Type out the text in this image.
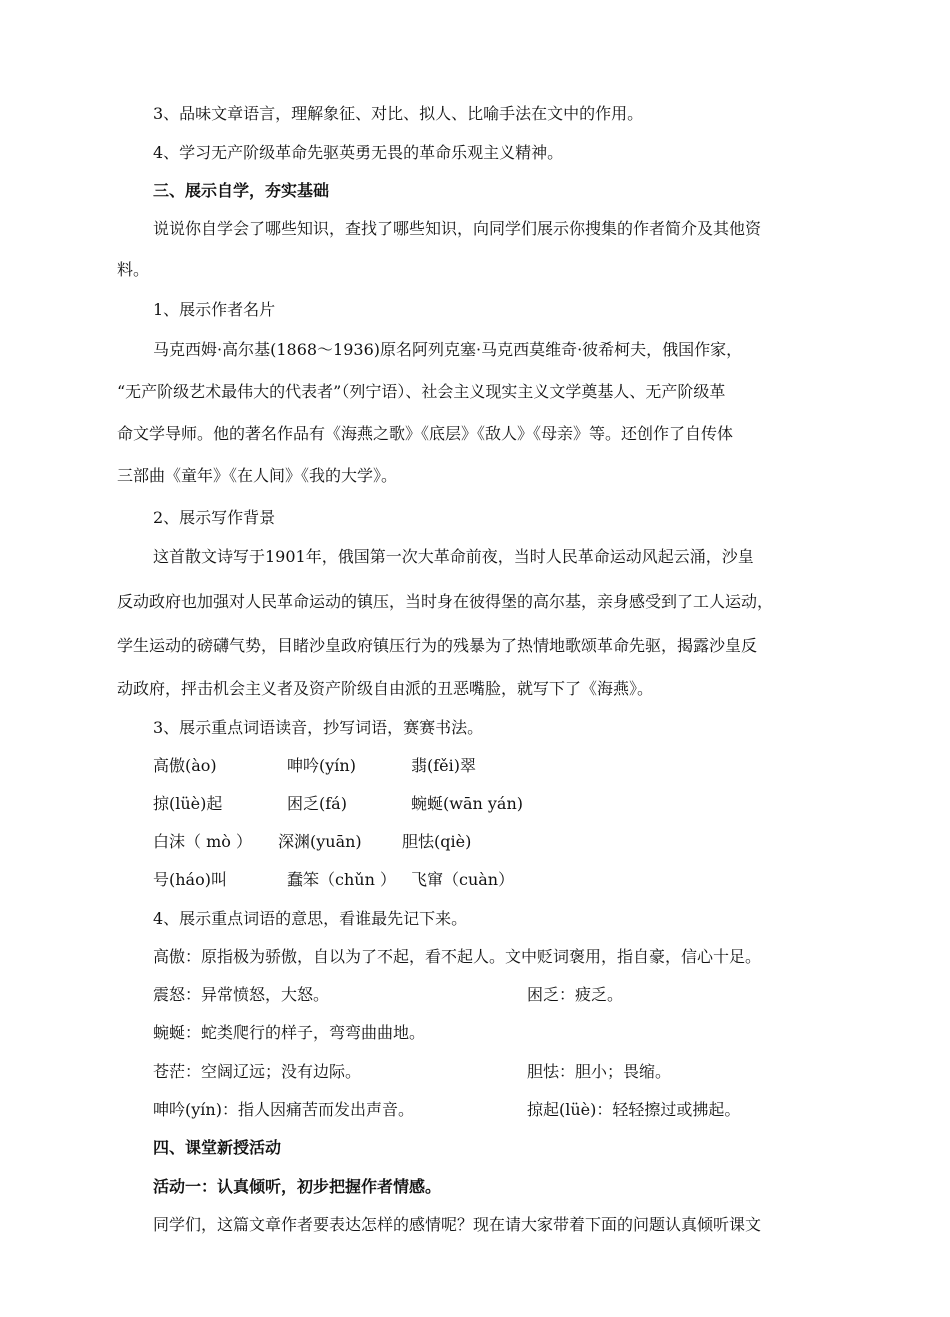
3、品味文章语言，理解象征、对比、拟人、比喻手法在文中的作用。
4、学习无产阶级革命先驱英勇无畏的革命乐观主义精神。
三、展示自学，夯实基础
说说你自学会了哪些知识，查找了哪些知识，向同学们展示你搜集的作者简介及其他资
料。
1、展示作者名片
马克西姆·高尔基(1868～1936)原名阿列克塞·马克西莫维奇·彼希柯夫，俄国作家，
“无产阶级艺术最伟大的代表者”（列宁语）、社会主义现实主义文学奠基人、无产阶级革
命文学导师。他的著名作品有《海燕之歌》《底层》《敌人》《母亲》等。还创作了自传体
三部曲《童年》《在人间》《我的大学》。
2、展示写作背景
这首散文诗写于1901年，俄国第一次大革命前夜，当时人民革命运动风起云涌，沙皇
反动政府也加强对人民革命运动的镇压，当时身在彼得堡的高尔基，亲身感受到了工人运动，
学生运动的磅礴气势，目睹沙皇政府镇压行为的残暴为了热情地歌颂革命先驱，揭露沙皇反
动政府，抨击机会主义者及资产阶级自由派的丑恶嘴脸，就写下了《海燕》。
3、展示重点词语读音，抄写词语，赛赛书法。
高傲(ào)	呻吟(yín)	翡(fěi)翠
掠(lüè)起	困乏(fá)	蜿蜒(wān yán)
白沫（ mò ） 深渊(yuān)	胆怯(qiè)
号(háo)叫	蠢笨（chǔn ） 飞窜（cuàn）
4、展示重点词语的意思，看谁最先记下来。
高傲：原指极为骄傲，自以为了不起，看不起人。文中贬词褒用，指自豪，信心十足。
震怒：异常愤怒，大怒。	困乏：疲乏。
蜿蜒：蛇类爬行的样子，弯弯曲曲地。
苍茫：空阔辽远；没有边际。	胆怯：胆小；畏缩。
呻吟(yín)：指人因痛苦而发出声音。	掠起(lüè)：轻轻擦过或拂起。
四、课堂新授活动
活动一：认真倾听，初步把握作者情感。
同学们，这篇文章作者要表达怎样的感情呢？现在请大家带着下面的问题认真倾听课文
